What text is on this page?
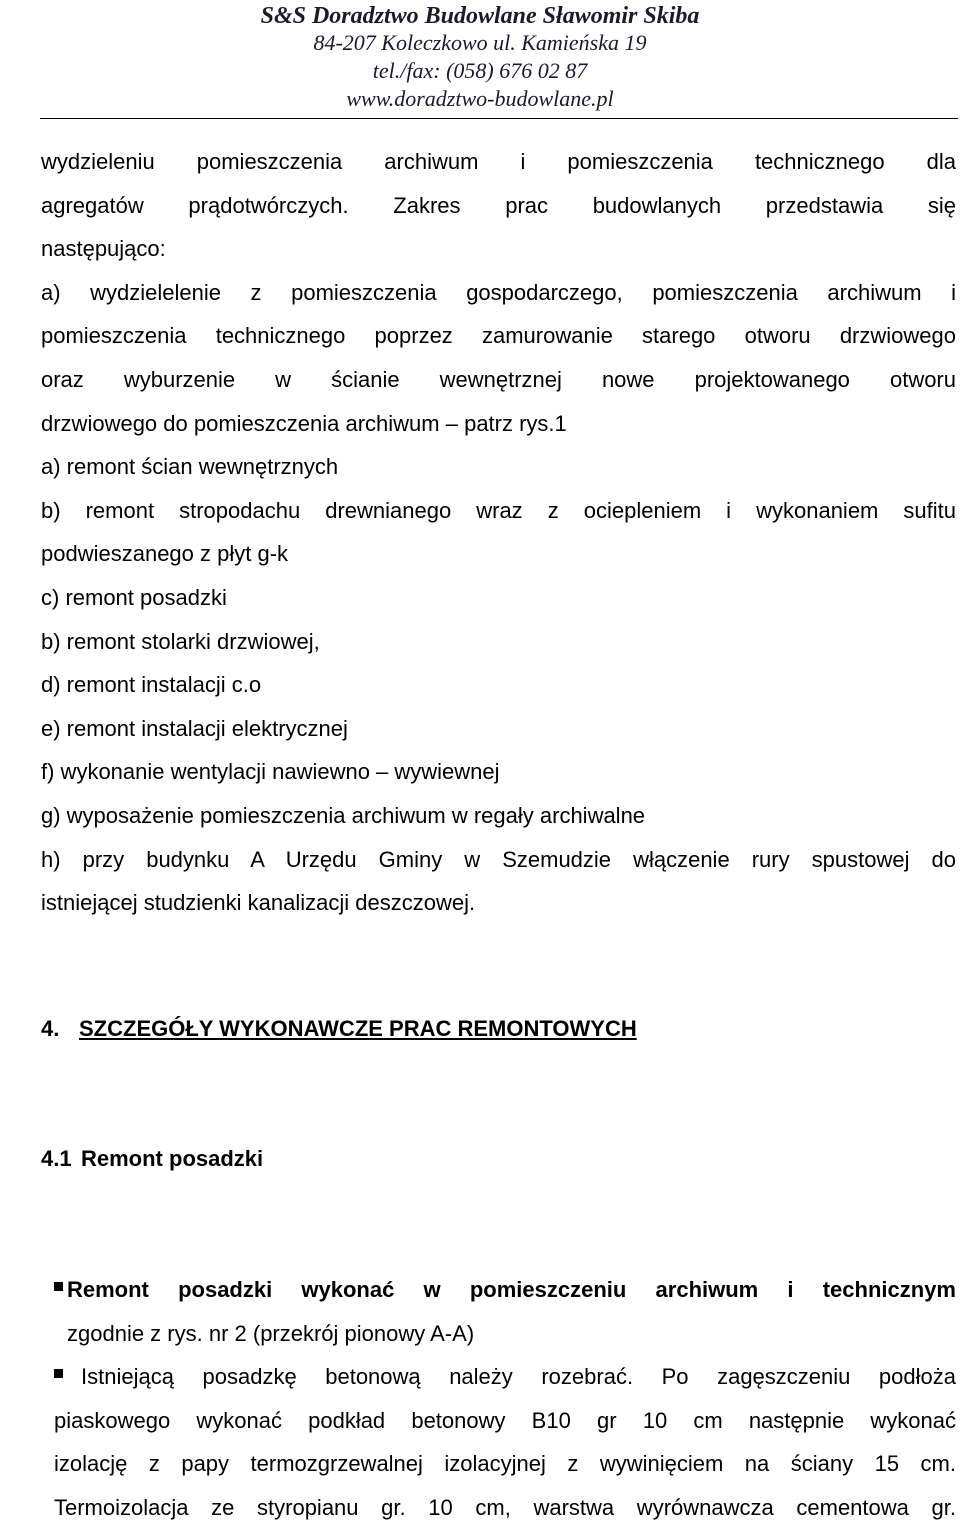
S&S Doradztwo Budowlane Sławomir Skiba
84-207 Koleczkowo ul. Kamieńska 19
tel./fax: (058) 676 02 87
www.doradztwo-budowlane.pl

wydzieleniu pomieszczenia archiwum i pomieszczenia technicznego dla

agregatów prądotwórczych. Zakres prac budowlanych przedstawia się

następująco:

a) wydzielelenie z pomieszczenia gospodarczego, pomieszczenia archiwum i

pomieszczenia technicznego poprzez zamurowanie starego otworu drzwiowego

oraz wyburzenie w ścianie wewnętrznej nowe projektowanego otworu

drzwiowego do pomieszczenia archiwum – patrz rys.1

a) remont ścian wewnętrznych

b) remont stropodachu drewnianego wraz z ociepleniem i wykonaniem sufitu

podwieszanego z płyt g-k

c) remont posadzki

b) remont stolarki drzwiowej,

d) remont instalacji c.o

e) remont instalacji elektrycznej

f) wykonanie wentylacji nawiewno – wywiewnej

g) wyposażenie pomieszczenia archiwum w regały archiwalne

h) przy budynku A Urzędu Gminy w Szemudzie włączenie rury spustowej do

istniejącej studzienki kanalizacji deszczowej.

4. SZCZEGÓŁY WYKONAWCZE PRAC REMONTOWYCH
4.1 Remont posadzki
Remont posadzki wykonać w pomieszczeniu archiwum i technicznym
zgodnie z rys. nr 2 (przekrój pionowy A-A)
Istniejącą posadzkę betonową należy rozebrać. Po zagęszczeniu podłoża
piaskowego wykonać podkład betonowy B10 gr 10 cm następnie wykonać
izolację z papy termozgrzewalnej izolacyjnej z wywinięciem na ściany 15 cm.
Termoizolacja ze styropianu gr. 10 cm, warstwa wyrównawcza cementowa gr.
